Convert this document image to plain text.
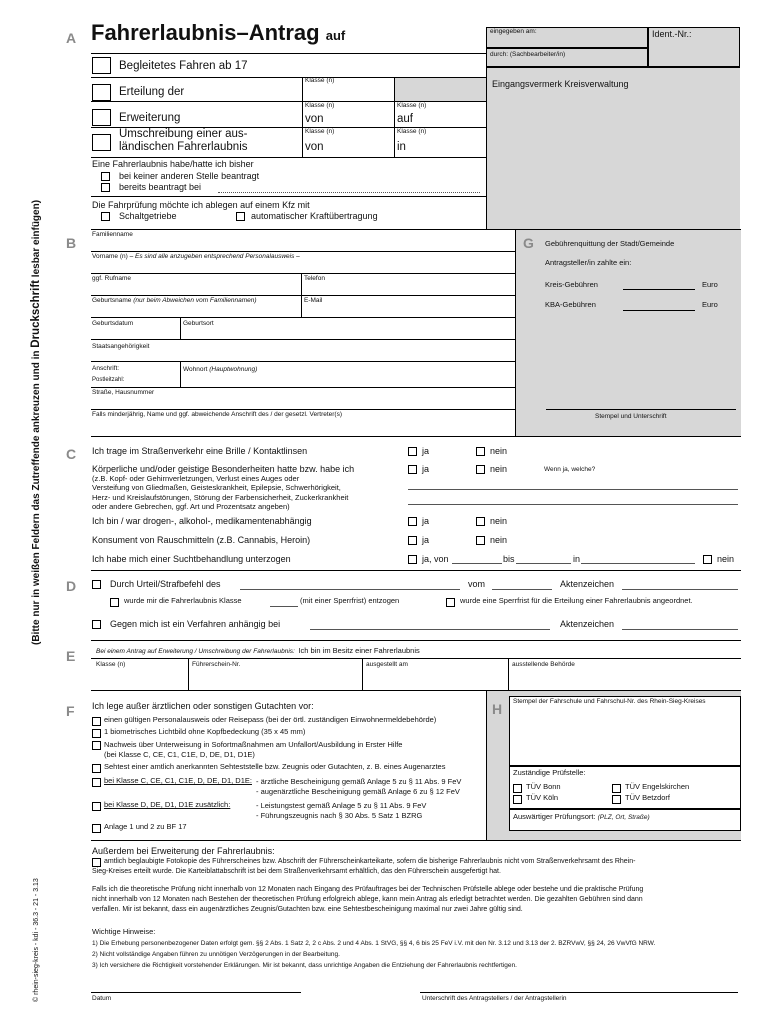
(Bitte nur in weißen Feldern das Zutreffende ankreuzen und in Druckschrift lesbar einfügen)
© rhein-sieg-kreis - kdi - 36.3 - 21 - 3.13
A
B
C
D
E
F
Fahrerlaubnis–Antrag auf	eingegeben am:	Ident.-Nr.:
durch: (Sachbearbeiter/in)
Eingangsvermerk Kreisverwaltung
Begleitetes Fahren ab 17
Klasse (n)
Erteilung der
Klasse (n)	Klasse (n)
Erweiterung	von	auf
Klasse (n)	Klasse (n)
Umschreibung einer aus-
ländischen Fahrerlaubnis	von	in
Eine Fahrerlaubnis habe/hatte ich bisher
bei keiner anderen Stelle beantragt
bereits beantragt bei
Die Fahrprüfung möchte ich ablegen auf einem Kfz mit
Schaltgetriebe	automatischer Kraftübertragung
Familienname
Vorname (n) – Es sind alle anzugeben entsprechend Personalausweis –
ggf. Rufname	Telefon
Geburtsname (nur beim Abweichen vom Familiennamen)	E-Mail
Geburtsdatum	Geburtsort
Staatsangehörigkeit
Anschrift:
Postleitzahl:
Wohnort (Hauptwohnung)
Straße, Hausnummer
Falls minderjährig, Name und ggf. abweichende Anschrift des / der gesetzl. Vertreter(s)
G Gebührenquittung der Stadt/Gemeinde
Antragsteller/in zahlte ein:
Kreis-Gebühren	Euro
KBA-Gebühren	Euro
Stempel und Unterschrift
Ich trage im Straßenverkehr eine Brille / Kontaktlinsen	ja	nein
Körperliche und/oder geistige Besonderheiten hatte bzw. habe ich	ja	nein	Wenn ja, welche?
(z.B. Kopf- oder Gehirnverletzungen, Verlust eines Auges oder
Versteifung von Gliedmaßen, Geisteskrankheit, Epilepsie, Schwerhörigkeit,
Herz- und Kreislaufstörungen, Störung der Farbensicherheit, Zuckerkrankheit
oder andere Gebrechen, ggf. Art und Prozentsatz angeben)
Ich bin / war drogen-, alkohol-, medikamentenabhängig	ja	nein
Konsument von Rauschmitteln (z.B. Cannabis, Heroin)	ja	nein
Ich habe mich einer Suchtbehandlung unterzogen	ja, von	bis	in	nein
Durch Urteil/Strafbefehl des	vom	Aktenzeichen
wurde mir die Fahrerlaubnis Klasse	(mit einer Sperrfrist) entzogen	wurde eine Sperrfrist für die Erteilung einer Fahrerlaubnis angeordnet.
Gegen mich ist ein Verfahren anhängig bei	Aktenzeichen
Bei einem Antrag auf Erweiterung / Umschreibung der Fahrerlaubnis: Ich bin im Besitz einer Fahrerlaubnis
Klasse (n)	Führerschein-Nr.	ausgestellt am	ausstellende Behörde
Ich lege außer ärztlichen oder sonstigen Gutachten vor:
einen gültigen Personalausweis oder Reisepass (bei der örtl. zuständigen Einwohnermeldebehörde)
1 biometrisches Lichtbild ohne Kopfbedeckung (35 x 45 mm)
Nachweis über Unterweisung in Sofortmaßnahmen am Unfallort/Ausbildung in Erster Hilfe
(bei Klasse C, CE, C1, C1E, D, DE, D1, D1E)
Sehtest einer amtlich anerkannten Sehteststelle bzw. Zeugnis oder Gutachten, z. B. eines Augenarztes
bei Klasse C, CE, C1, C1E, D, DE, D1, D1E: - ärztliche Bescheinigung gemäß Anlage 5 zu § 11 Abs. 9 FeV
- augenärztliche Bescheinigung gemäß Anlage 6 zu § 12 FeV
bei Klasse D, DE, D1, D1E zusätzlich:	- Leistungstest gemäß Anlage 5 zu § 11 Abs. 9 FeV
- Führungszeugnis nach § 30 Abs. 5 Satz 1 BZRG
Anlage 1 und 2 zu BF 17
H Stempel der Fahrschule und Fahrschul-Nr. des Rhein-Sieg-Kreises
Zuständige Prüfstelle:
TÜV Bonn	TÜV Engelskirchen
TÜV Köln	TÜV Betzdorf
Auswärtiger Prüfungsort: (PLZ, Ort, Straße)
Außerdem bei Erweiterung der Fahrerlaubnis:
amtlich beglaubigte Fotokopie des Führerscheines bzw. Abschrift der Führerscheinkarteikarte, sofern die bisherige Fahrerlaubnis nicht vom Straßenverkehrsamt des Rhein-
Sieg-Kreises erteilt wurde. Die Karteiblattabschrift ist bei dem Straßenverkehrsamt erhältlich, das den Führerschein ausgefertigt hat.
Falls ich die theoretische Prüfung nicht innerhalb von 12 Monaten nach Eingang des Prüfauftrages bei der Technischen Prüfstelle ablege oder bestehe und die praktische Prüfung
nicht innerhalb von 12 Monaten nach Bestehen der theoretischen Prüfung erfolgreich ablege, kann mein Antrag als erledigt betrachtet werden. Die gezahlten Gebühren sind dann
verfallen. Mir ist bekannt, dass ein augenärztliches Zeugnis/Gutachten bzw. eine Sehtestbescheinigung maximal nur zwei Jahre gültig sind.
Wichtige Hinweise:
1) Die Erhebung personenbezogener Daten erfolgt gem. §§ 2 Abs. 1 Satz 2, 2 c Abs. 2 und 4 Abs. 1 StVG, §§ 4, 6 bis 25 FeV i.V. mit den Nr. 3.12 und 3.13 der 2. BZRVwV, §§ 24, 26 VwVfG NRW.
2) Nicht vollständige Angaben führen zu unnötigen Verzögerungen in der Bearbeitung.
3) Ich versichere die Richtigkeit vorstehender Erklärungen. Mir ist bekannt, dass unrichtige Angaben die Entziehung der Fahrerlaubnis rechtfertigen.
Datum	Unterschrift des Antragstellers / der Antragstellerin
